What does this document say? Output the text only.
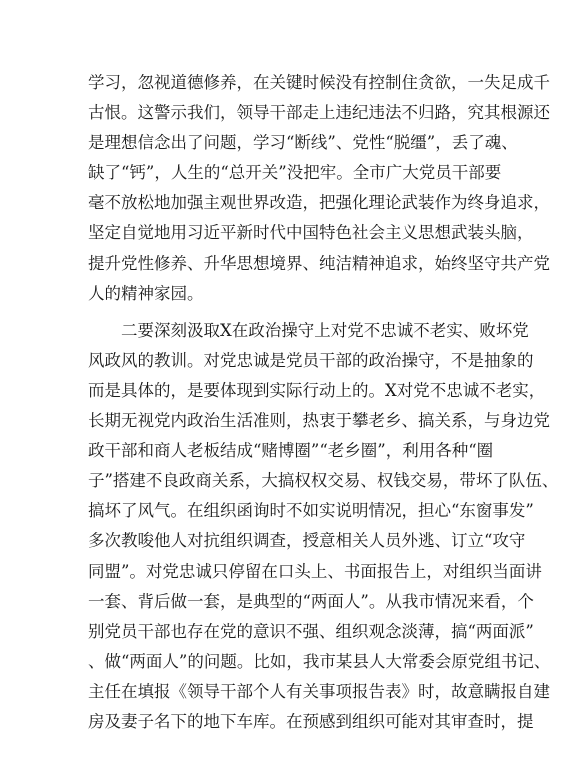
学习，忽视道德修养，在关键时候没有控制住贪欲，一失足成千
古恨。这警示我们，领导干部走上违纪违法不归路，究其根源还
是理想信念出了问题，学习“断线”、党性“脱缰”，丢了魂、
缺了“钙”，人生的“总开关”没把牢。全市广大党员干部要
毫不放松地加强主观世界改造，把强化理论武装作为终身追求，
坚定自觉地用习近平新时代中国特色社会主义思想武装头脑，
提升党性修养、升华思想境界、纯洁精神追求，始终坚守共产党
人的精神家园。
　　二要深刻汲取X在政治操守上对党不忠诚不老实、败坏党
风政风的教训。对党忠诚是党员干部的政治操守，不是抽象的
而是具体的，是要体现到实际行动上的。X对党不忠诚不老实，
长期无视党内政治生活准则，热衷于攀老乡、搞关系，与身边党
政干部和商人老板结成“赌博圈”“老乡圈”，利用各种“圈
子”搭建不良政商关系，大搞权权交易、权钱交易，带坏了队伍、
搞坏了风气。在组织函询时不如实说明情况，担心“东窗事发”
多次教唆他人对抗组织调查，授意相关人员外逃、订立“攻守
同盟”。对党忠诚只停留在口头上、书面报告上，对组织当面讲
一套、背后做一套，是典型的“两面人”。从我市情况来看，个
别党员干部也存在党的意识不强、组织观念淡薄，搞“两面派”
、做“两面人”的问题。比如，我市某县人大常委会原党组书记、
主任在填报《领导干部个人有关事项报告表》时，故意瞒报自建
房及妻子名下的地下车库。在预感到组织可能对其审查时，提
